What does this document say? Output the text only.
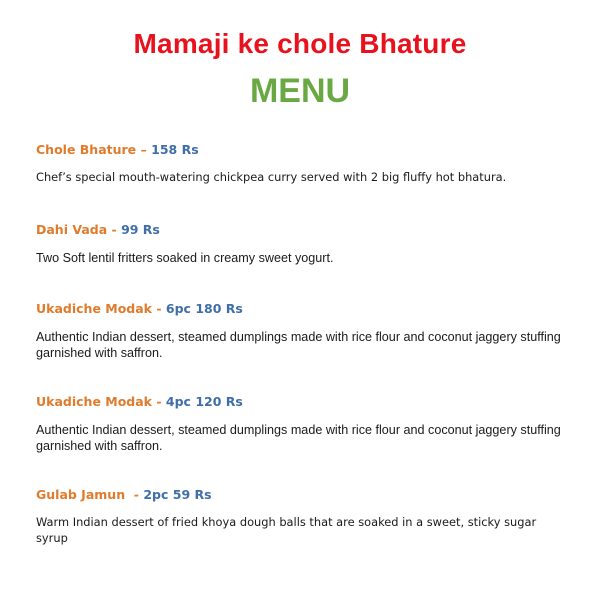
Mamaji ke chole Bhature
MENU

Chole Bhature – 158 Rs

Chef’s special mouth-watering chickpea curry served with 2 big fluffy hot bhatura.

Dahi Vada - 99 Rs

Two Soft lentil fritters soaked in creamy sweet yogurt.

Ukadiche Modak - 6pc 180 Rs

Authentic Indian dessert, steamed dumplings made with rice flour and coconut jaggery stuffing garnished with saffron.

Ukadiche Modak - 4pc 120 Rs

Authentic Indian dessert, steamed dumplings made with rice flour and coconut jaggery stuffing garnished with saffron.

Gulab Jamun  - 2pc 59 Rs

Warm Indian dessert of fried khoya dough balls that are soaked in a sweet, sticky sugar syrup
